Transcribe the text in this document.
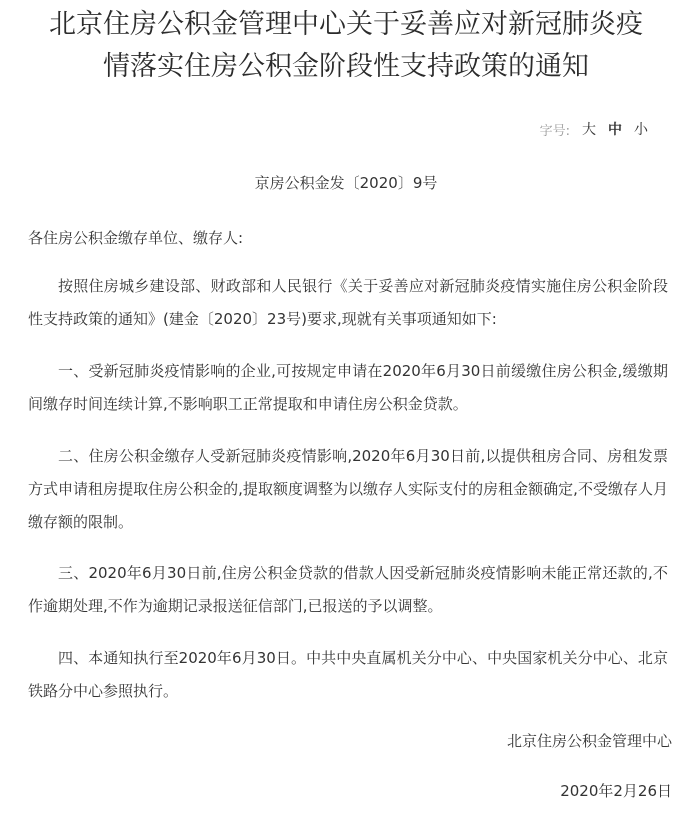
北京住房公积金管理中心关于妥善应对新冠肺炎疫
情落实住房公积金阶段性支持政策的通知
字号: 大 中 小
京房公积金发〔2020〕9号

各住房公积金缴存单位、缴存人:

按照住房城乡建设部、财政部和人民银行《关于妥善应对新冠肺炎疫情实施住房公积金阶段性支持政策的通知》(建金〔2020〕23号)要求,现就有关事项通知如下:

一、受新冠肺炎疫情影响的企业,可按规定申请在2020年6月30日前缓缴住房公积金,缓缴期间缴存时间连续计算,不影响职工正常提取和申请住房公积金贷款。

二、住房公积金缴存人受新冠肺炎疫情影响,2020年6月30日前,以提供租房合同、房租发票方式申请租房提取住房公积金的,提取额度调整为以缴存人实际支付的房租金额确定,不受缴存人月缴存额的限制。

三、2020年6月30日前,住房公积金贷款的借款人因受新冠肺炎疫情影响未能正常还款的,不作逾期处理,不作为逾期记录报送征信部门,已报送的予以调整。

四、本通知执行至2020年6月30日。中共中央直属机关分中心、中央国家机关分中心、北京铁路分中心参照执行。

北京住房公积金管理中心
2020年2月26日
